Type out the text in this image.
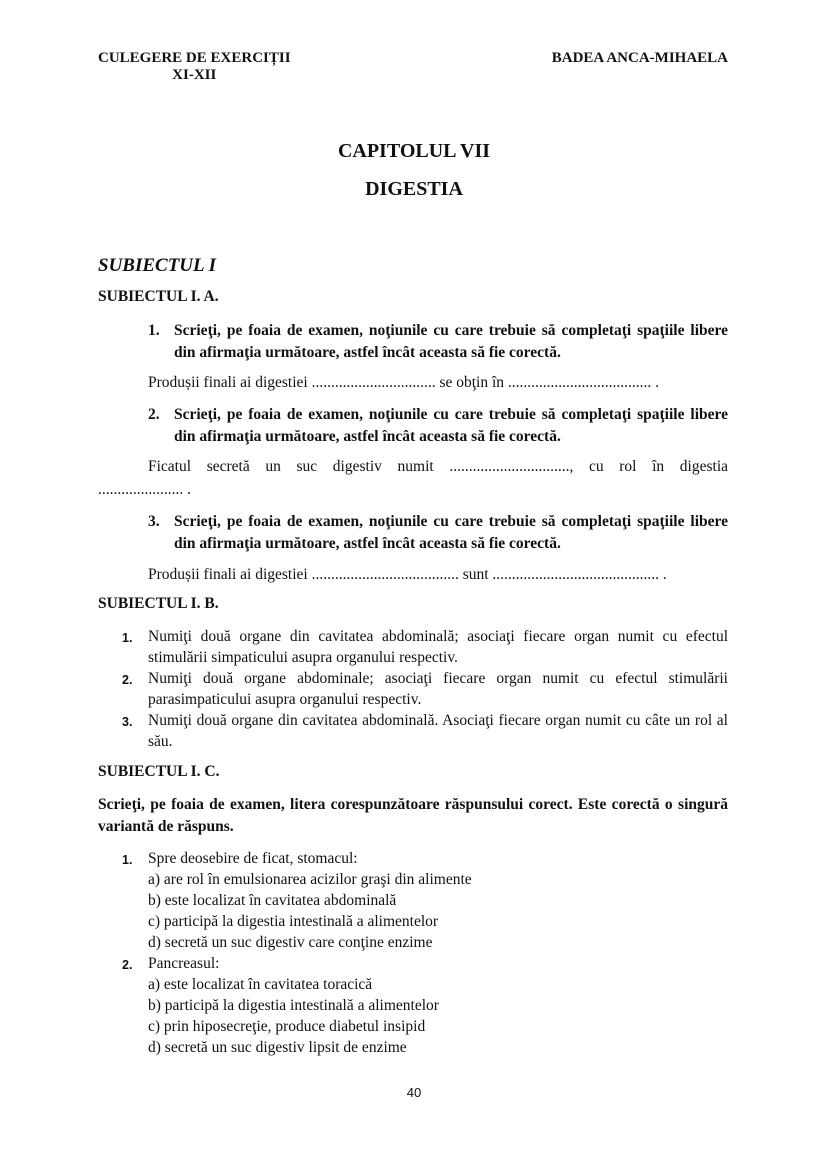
CULEGERE DE EXERCIȚII
XI-XII
BADEA ANCA-MIHAELA
CAPITOLUL VII
DIGESTIA
SUBIECTUL I
SUBIECTUL I. A.
1. Scrieţi, pe foaia de examen, noţiunile cu care trebuie să completaţi spaţiile libere din afirmaţia următoare, astfel încât aceasta să fie corectă.
Produșii finali ai digestiei ................................ se obţin în ..................................... .
2. Scrieţi, pe foaia de examen, noţiunile cu care trebuie să completaţi spaţiile libere din afirmaţia următoare, astfel încât aceasta să fie corectă.
Ficatul secretă un suc digestiv numit ..............................., cu rol în digestia
...................... .
3. Scrieţi, pe foaia de examen, noţiunile cu care trebuie să completaţi spaţiile libere din afirmaţia următoare, astfel încât aceasta să fie corectă.
Produșii finali ai digestiei ...................................... sunt ........................................... .
SUBIECTUL I. B.
1. Numiţi două organe din cavitatea abdominală; asociaţi fiecare organ numit cu efectul stimulării simpaticului asupra organului respectiv.
2. Numiţi două organe abdominale; asociaţi fiecare organ numit cu efectul stimulării parasimpaticului asupra organului respectiv.
3. Numiţi două organe din cavitatea abdominală. Asociaţi fiecare organ numit cu câte un rol al său.
SUBIECTUL I. C.
Scrieţi, pe foaia de examen, litera corespunzătoare răspunsului corect. Este corectă o singură variantă de răspuns.
1. Spre deosebire de ficat, stomacul:
a) are rol în emulsionarea acizilor graşi din alimente
b) este localizat în cavitatea abdominală
c) participă la digestia intestinală a alimentelor
d) secretă un suc digestiv care conţine enzime
2. Pancreasul:
a) este localizat în cavitatea toracică
b) participă la digestia intestinală a alimentelor
c) prin hiposecreţie, produce diabetul insipid
d) secretă un suc digestiv lipsit de enzime
40
